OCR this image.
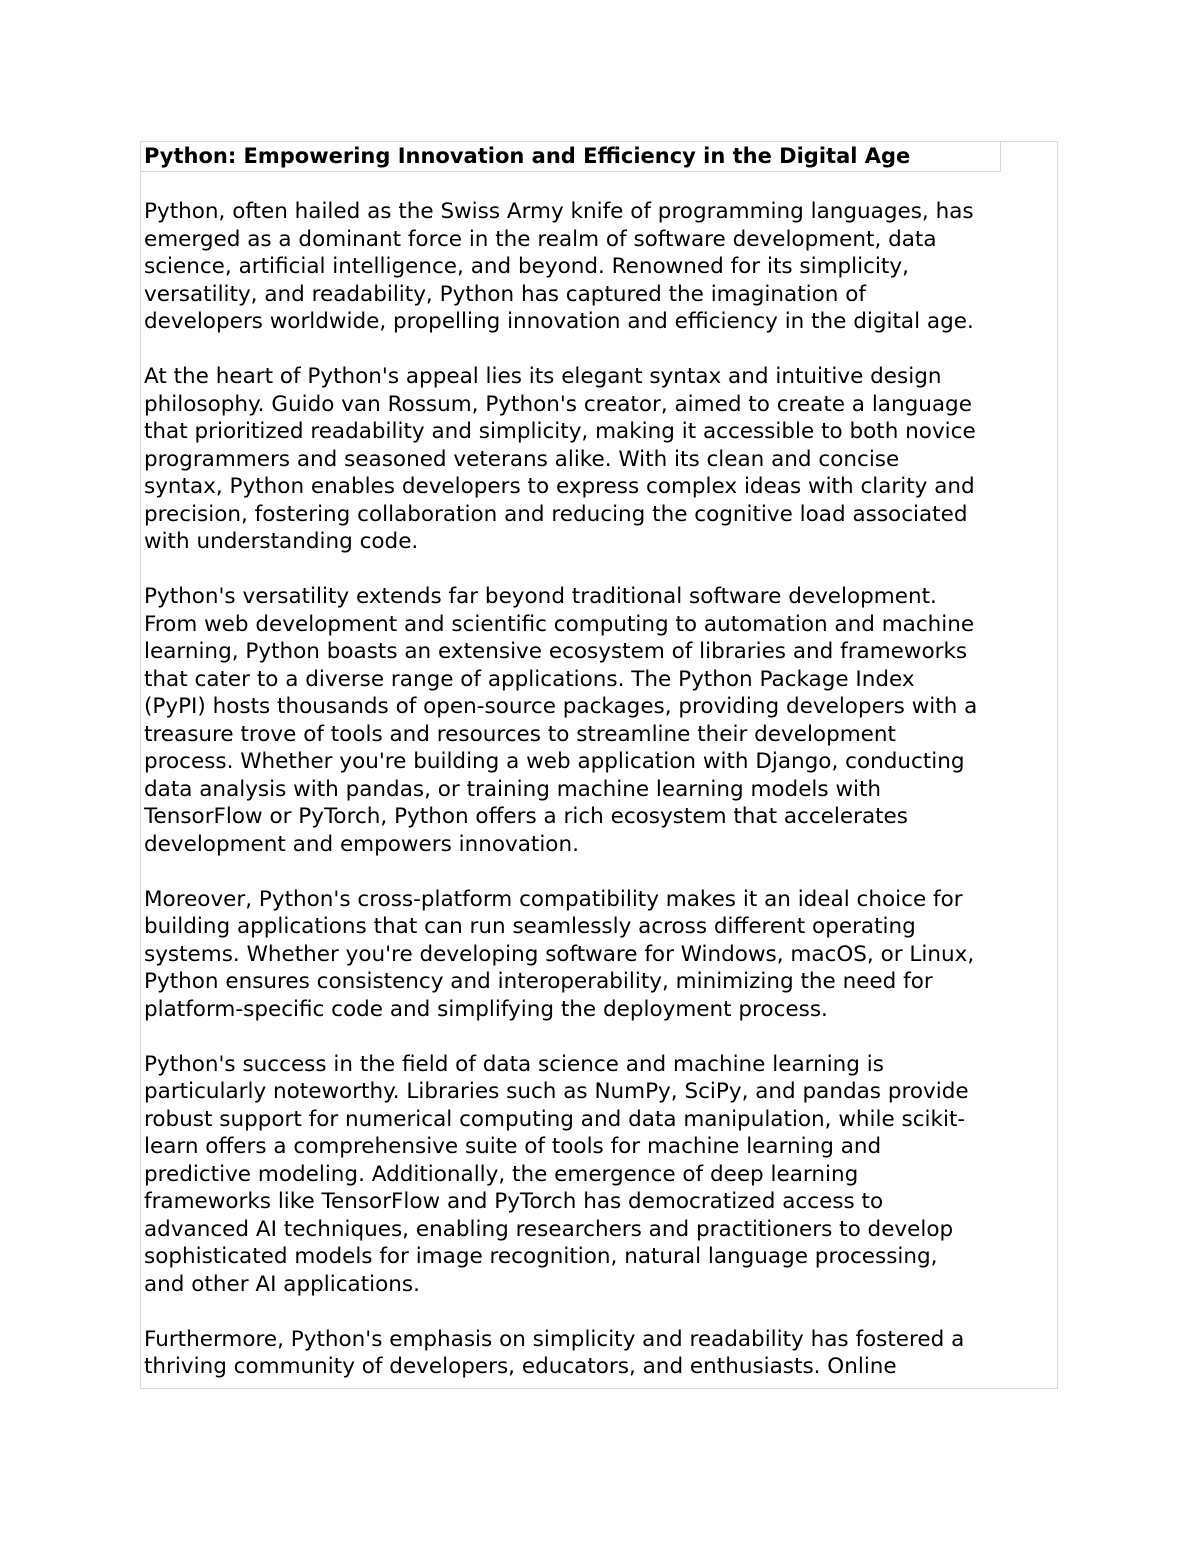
Python: Empowering Innovation and Efficiency in the Digital Age

Python, often hailed as the Swiss Army knife of programming languages, has
emerged as a dominant force in the realm of software development, data
science, artificial intelligence, and beyond. Renowned for its simplicity,
versatility, and readability, Python has captured the imagination of
developers worldwide, propelling innovation and efficiency in the digital age.

At the heart of Python's appeal lies its elegant syntax and intuitive design
philosophy. Guido van Rossum, Python's creator, aimed to create a language
that prioritized readability and simplicity, making it accessible to both novice
programmers and seasoned veterans alike. With its clean and concise
syntax, Python enables developers to express complex ideas with clarity and
precision, fostering collaboration and reducing the cognitive load associated
with understanding code.

Python's versatility extends far beyond traditional software development.
From web development and scientific computing to automation and machine
learning, Python boasts an extensive ecosystem of libraries and frameworks
that cater to a diverse range of applications. The Python Package Index
(PyPI) hosts thousands of open-source packages, providing developers with a
treasure trove of tools and resources to streamline their development
process. Whether you're building a web application with Django, conducting
data analysis with pandas, or training machine learning models with
TensorFlow or PyTorch, Python offers a rich ecosystem that accelerates
development and empowers innovation.

Moreover, Python's cross-platform compatibility makes it an ideal choice for
building applications that can run seamlessly across different operating
systems. Whether you're developing software for Windows, macOS, or Linux,
Python ensures consistency and interoperability, minimizing the need for
platform-specific code and simplifying the deployment process.

Python's success in the field of data science and machine learning is
particularly noteworthy. Libraries such as NumPy, SciPy, and pandas provide
robust support for numerical computing and data manipulation, while scikit-
learn offers a comprehensive suite of tools for machine learning and
predictive modeling. Additionally, the emergence of deep learning
frameworks like TensorFlow and PyTorch has democratized access to
advanced AI techniques, enabling researchers and practitioners to develop
sophisticated models for image recognition, natural language processing,
and other AI applications.

Furthermore, Python's emphasis on simplicity and readability has fostered a
thriving community of developers, educators, and enthusiasts. Online
